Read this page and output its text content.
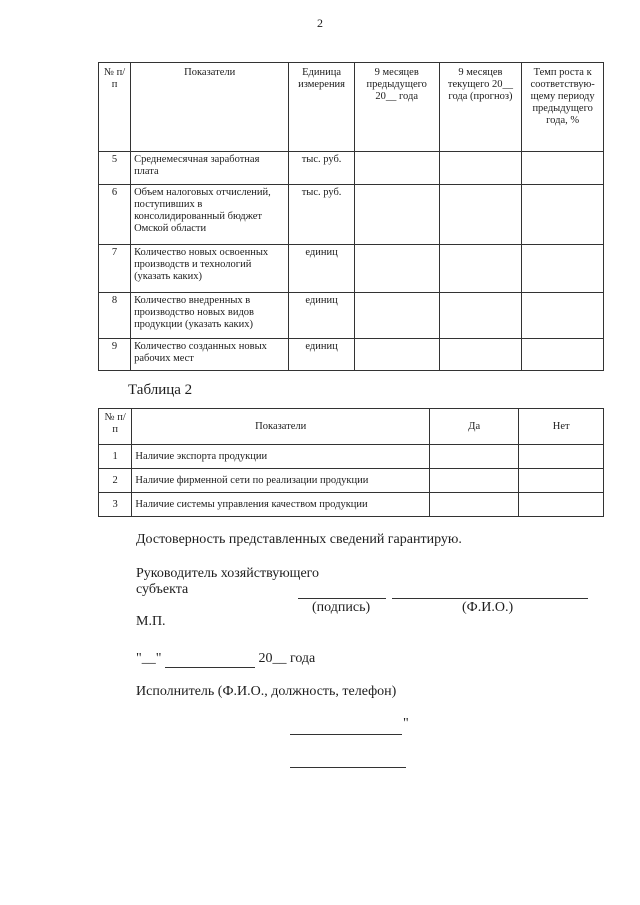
2
№ п/п	Показатели	Единица измерения	9 месяцев предыдущего 20__ года	9 месяцев текущего 20__ года (прогноз)	Темп роста к соответствую-щему периоду предыдущего года, %
5	Среднемесячная заработная плата	тыс. руб.			
6	Объем налоговых отчислений, поступивших в консолидированный бюджет Омской области	тыс. руб.			
7	Количество новых освоенных производств и технологий (указать каких)	единиц			
8	Количество внедренных в производство новых видов продукции (указать каких)	единиц			
9	Количество созданных новых рабочих мест	единиц			
Таблица 2
№ п/п	Показатели	Да	Нет
1	Наличие экспорта продукции		
2	Наличие фирменной сети по реализации продукции		
3	Наличие системы управления качеством продукции		
Достоверность представленных сведений гарантирую.
Руководитель хозяйствующего
субъекта
(подпись)	(Ф.И.О.)
М.П.
"__"	20__ года
Исполнитель (Ф.И.О., должность, телефон)
"
